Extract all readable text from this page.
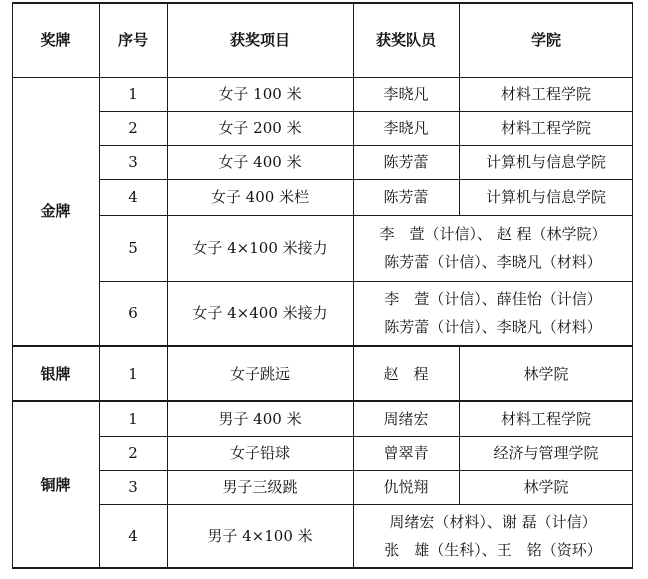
奖牌	序号	获奖项目	获奖队员	学院
金牌
1	女子 100 米	李晓凡	材料工程学院
2	女子 200 米	李晓凡	材料工程学院
3	女子 400 米	陈芳蕾	计算机与信息学院
4	女子 400 米栏	陈芳蕾	计算机与信息学院
5	女子 4×100 米接力
李　萱（计信）、 赵 程（林学院）
陈芳蕾（计信）、李晓凡（材料）
6	女子 4×400 米接力
李　萱（计信）、薛佳怡（计信）
陈芳蕾（计信）、李晓凡（材料）
银牌	1	女子跳远	赵　程	林学院
铜牌
1	男子 400 米	周绪宏	材料工程学院
2	女子铅球	曾翠青	经济与管理学院
3	男子三级跳	仇悦翔	林学院
4	男子 4×100 米
周绪宏（材料）、谢 磊（计信）
张　雄（生科）、王　铭（资环）
